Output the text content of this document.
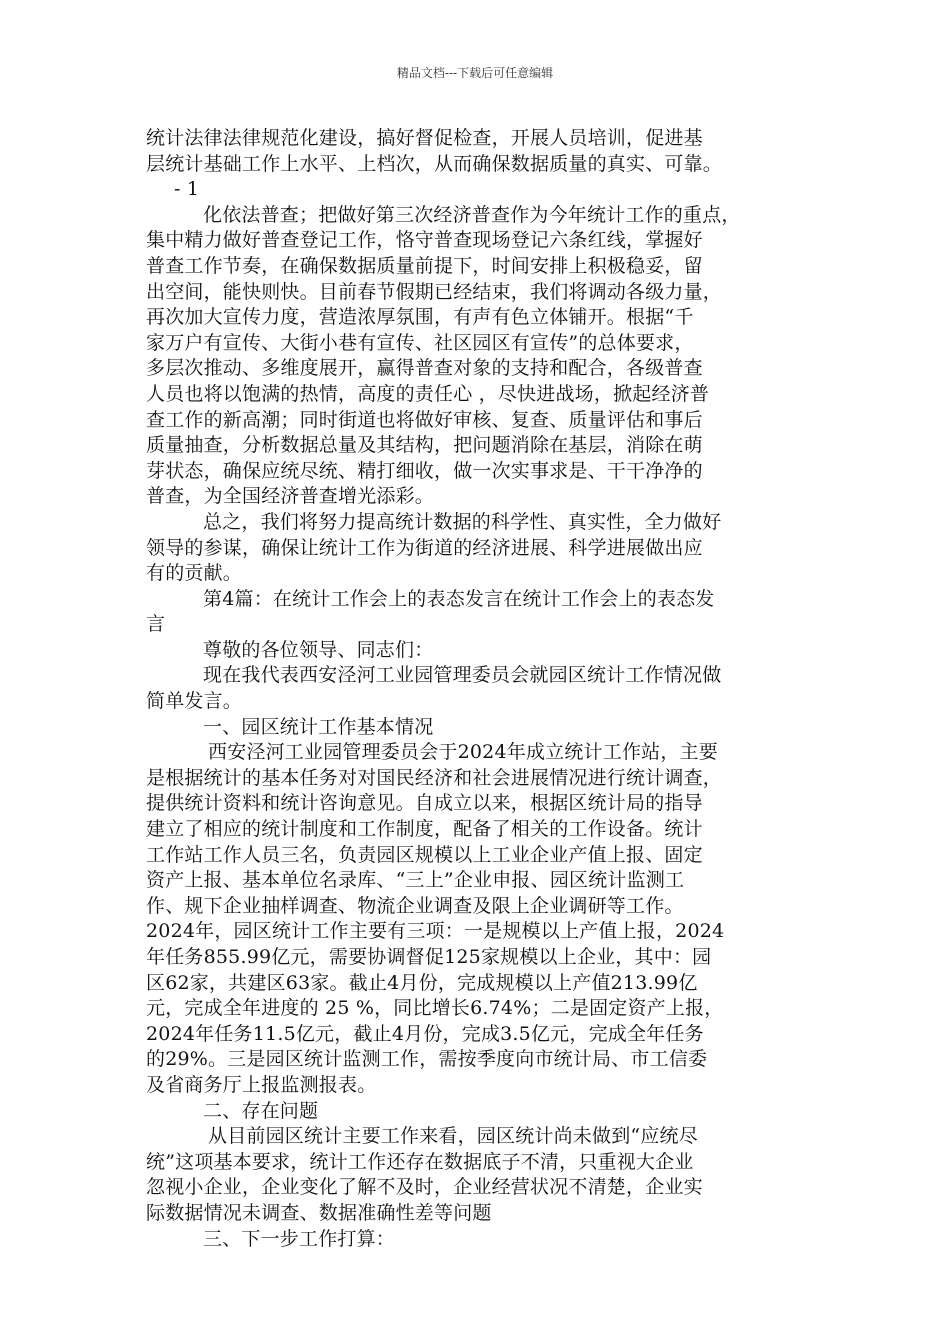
精品文档---下载后可任意编辑
统计法律法律规范化建设，搞好督促检查，开展人员培训，促进基
层统计基础工作上水平、上档次，从而确保数据质量的真实、可靠。
- 1
化依法普查；把做好第三次经济普查作为今年统计工作的重点，
集中精力做好普查登记工作，恪守普查现场登记六条红线，掌握好
普查工作节奏，在确保数据质量前提下，时间安排上积极稳妥，留
出空间，能快则快。目前春节假期已经结束，我们将调动各级力量，
再次加大宣传力度，营造浓厚氛围，有声有色立体铺开。根据“千
家万户有宣传、大街小巷有宣传、社区园区有宣传”的总体要求，
多层次推动、多维度展开，赢得普查对象的支持和配合，各级普查
人员也将以饱满的热情，高度的责任心 ，尽快进战场，掀起经济普
查工作的新高潮；同时街道也将做好审核、复查、质量评估和事后
质量抽查，分析数据总量及其结构，把问题消除在基层，消除在萌
芽状态，确保应统尽统、精打细收，做一次实事求是、干干净净的
普查，为全国经济普查增光添彩。
总之，我们将努力提高统计数据的科学性、真实性，全力做好
领导的参谋，确保让统计工作为街道的经济进展、科学进展做出应
有的贡献。
第4篇：在统计工作会上的表态发言在统计工作会上的表态发
言
尊敬的各位领导、同志们：
现在我代表西安泾河工业园管理委员会就园区统计工作情况做
简单发言。
一、园区统计工作基本情况
西安泾河工业园管理委员会于2024年成立统计工作站，主要
是根据统计的基本任务对对国民经济和社会进展情况进行统计调查，
提供统计资料和统计咨询意见。自成立以来，根据区统计局的指导
建立了相应的统计制度和工作制度，配备了相关的工作设备。统计
工作站工作人员三名，负责园区规模以上工业企业产值上报、固定
资产上报、基本单位名录库、“三上”企业申报、园区统计监测工
作、规下企业抽样调查、物流企业调查及限上企业调研等工作。
2024年，园区统计工作主要有三项：一是规模以上产值上报，2024
年任务855.99亿元，需要协调督促125家规模以上企业，其中：园
区62家，共建区63家。截止4月份，完成规模以上产值213.99亿
元，完成全年进度的 25 %，同比增长6.74%；二是固定资产上报，
2024年任务11.5亿元，截止4月份，完成3.5亿元，完成全年任务
的29%。三是园区统计监测工作，需按季度向市统计局、市工信委
及省商务厅上报监测报表。
二、存在问题
从目前园区统计主要工作来看，园区统计尚未做到“应统尽
统”这项基本要求，统计工作还存在数据底子不清，只重视大企业
忽视小企业，企业变化了解不及时，企业经营状况不清楚，企业实
际数据情况未调查、数据准确性差等问题
三、下一步工作打算：
